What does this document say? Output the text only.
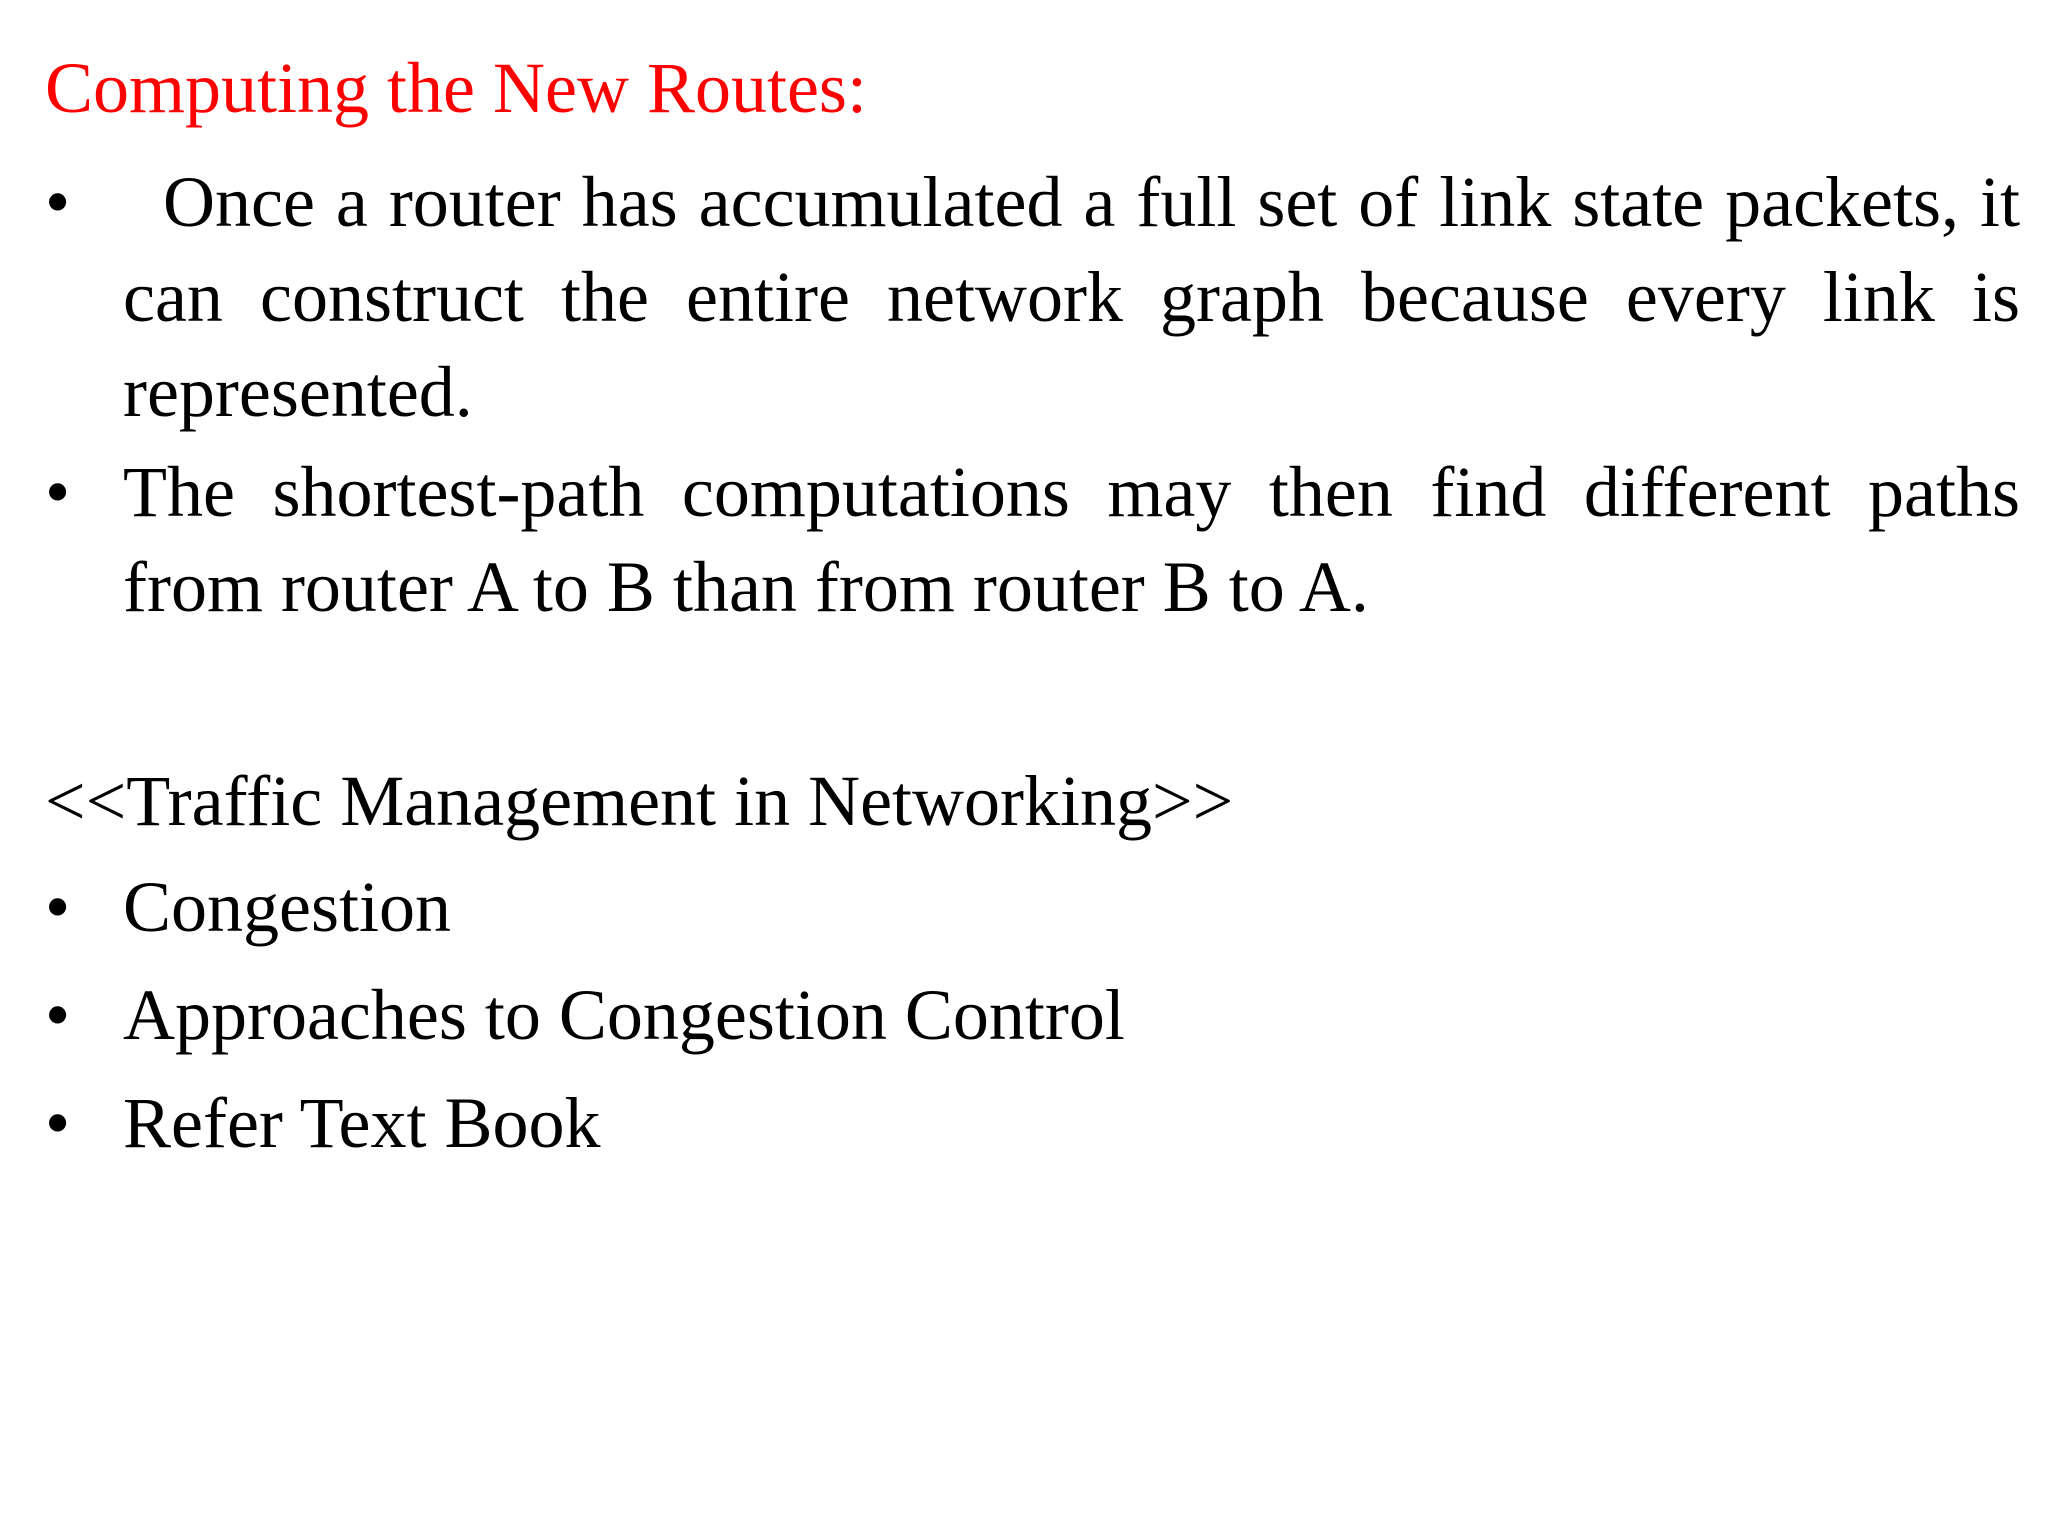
Computing the New Routes:
•	Once a router has accumulated a full set of link state packets, it can construct the entire network graph because every link is represented.
• The shortest-path computations may then find different paths from router A to B than from router B to A.
<<Traffic Management in Networking>>
• Congestion
• Approaches to Congestion Control
• Refer Text Book
